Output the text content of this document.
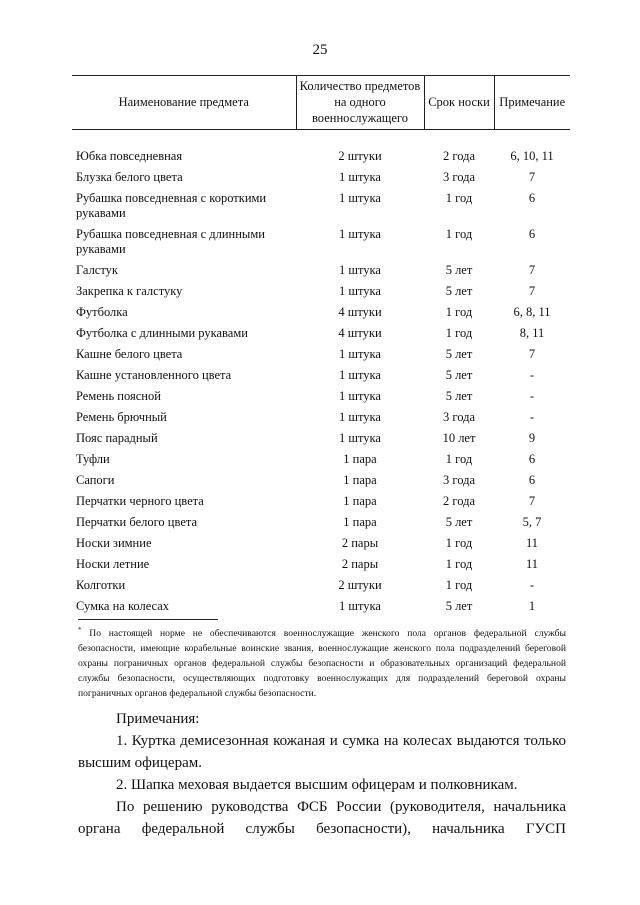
25
Наименование предмета	Количество предметов на одного военнослужащего	Срок носки	Примечание
Юбка повседневная	2 штуки	2 года	6, 10, 11
Блузка белого цвета	1 штука	3 года	7
Рубашка повседневная с короткими рукавами	1 штука	1 год	6
Рубашка повседневная с длинными рукавами	1 штука	1 год	6
Галстук	1 штука	5 лет	7
Закрепка к галстуку	1 штука	5 лет	7
Футболка	4 штуки	1 год	6, 8, 11
Футболка с длинными рукавами	4 штуки	1 год	8, 11
Кашне белого цвета	1 штука	5 лет	7
Кашне установленного цвета	1 штука	5 лет	-
Ремень поясной	1 штука	5 лет	-
Ремень брючный	1 штука	3 года	-
Пояс парадный	1 штука	10 лет	9
Туфли	1 пара	1 год	6
Сапоги	1 пара	3 года	6
Перчатки черного цвета	1 пара	2 года	7
Перчатки белого цвета	1 пара	5 лет	5, 7
Носки зимние	2 пары	1 год	11
Носки летние	2 пары	1 год	11
Колготки	2 штуки	1 год	-
Сумка на колесах	1 штука	5 лет	1
* По настоящей норме не обеспечиваются военнослужащие женского пола органов федеральной службы безопасности, имеющие корабельные воинские звания, военнослужащие женского пола подразделений береговой охраны пограничных органов федеральной службы безопасности и образовательных организаций федеральной службы безопасности, осуществляющих подготовку военнослужащих для подразделений береговой охраны пограничных органов федеральной службы безопасности.

Примечания:

1. Куртка демисезонная кожаная и сумка на колесах выдаются только высшим офицерам.

2. Шапка меховая выдается высшим офицерам и полковникам.

По решению руководства ФСБ России (руководителя, начальника органа федеральной службы безопасности), начальника ГУСП
